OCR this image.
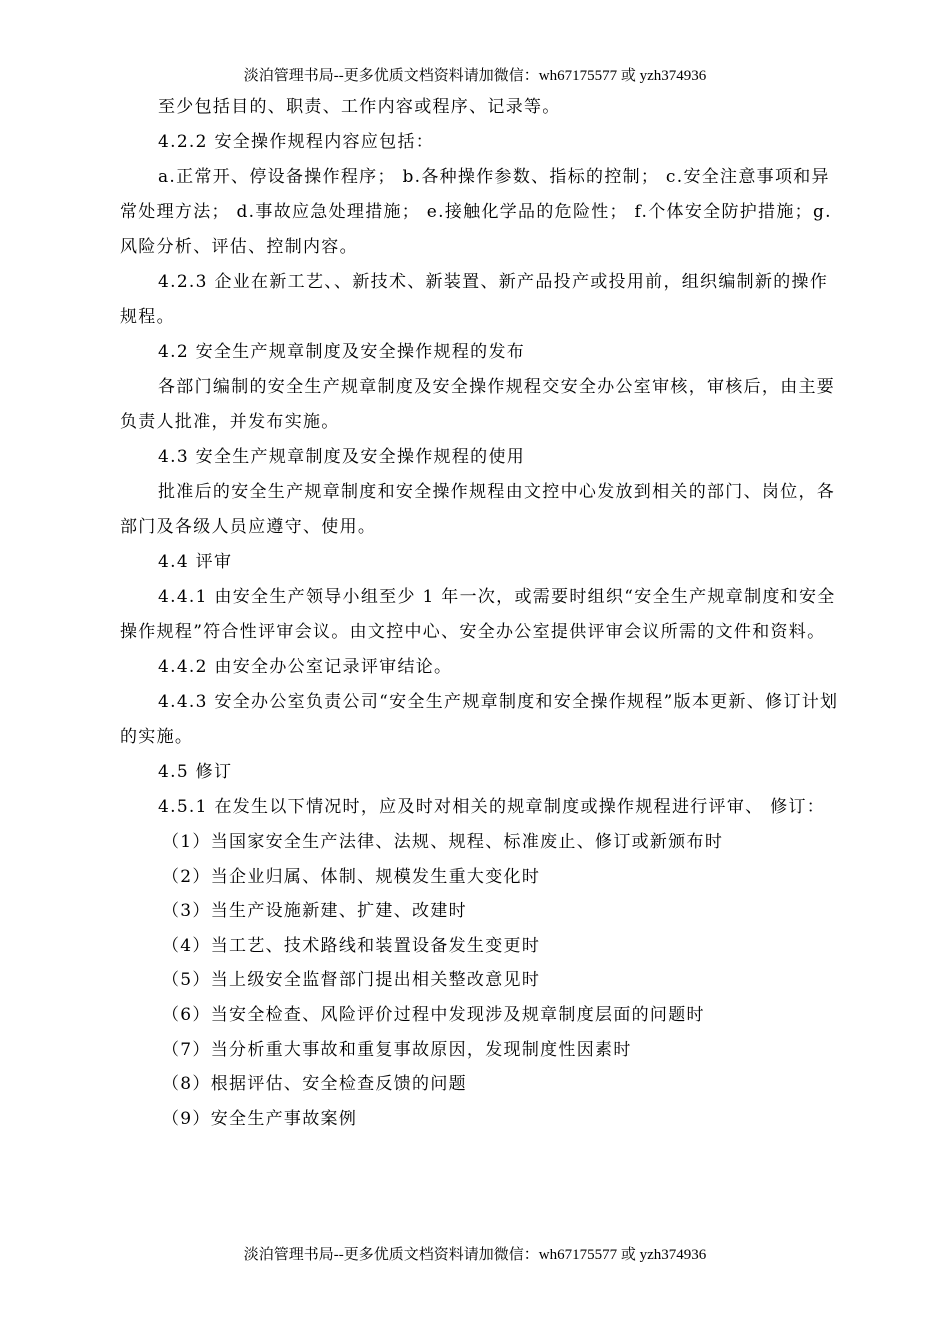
淡泊管理书局--更多优质文档资料请加微信：wh67175577 或 yzh374936

至少包括目的、职责、工作内容或程序、记录等。

4.2.2 安全操作规程内容应包括：

a.正常开、停设备操作程序； b.各种操作参数、指标的控制； c.安全注意事项和异常处理方法； d.事故应急处理措施； e.接触化学品的危险性； f.个体安全防护措施；g.风险分析、评估、控制内容。

4.2.3 企业在新工艺、、新技术、新装置、新产品投产或投用前，组织编制新的操作规程。

4.2 安全生产规章制度及安全操作规程的发布

各部门编制的安全生产规章制度及安全操作规程交安全办公室审核，审核后，由主要负责人批准，并发布实施。

4.3 安全生产规章制度及安全操作规程的使用

批准后的安全生产规章制度和安全操作规程由文控中心发放到相关的部门、岗位，各部门及各级人员应遵守、使用。

4.4 评审

4.4.1 由安全生产领导小组至少 1 年一次，或需要时组织“安全生产规章制度和安全操作规程”符合性评审会议。由文控中心、安全办公室提供评审会议所需的文件和资料。

4.4.2 由安全办公室记录评审结论。

4.4.3 安全办公室负责公司“安全生产规章制度和安全操作规程”版本更新、修订计划的实施。

4.5 修订

4.5.1 在发生以下情况时，应及时对相关的规章制度或操作规程进行评审、 修订：

（1）当国家安全生产法律、法规、规程、标准废止、修订或新颁布时

（2）当企业归属、体制、规模发生重大变化时

（3）当生产设施新建、扩建、改建时

（4）当工艺、技术路线和装置设备发生变更时

（5）当上级安全监督部门提出相关整改意见时

（6）当安全检查、风险评价过程中发现涉及规章制度层面的问题时

（7）当分析重大事故和重复事故原因，发现制度性因素时

（8）根据评估、安全检查反馈的问题

（9）安全生产事故案例

淡泊管理书局--更多优质文档资料请加微信：wh67175577 或 yzh374936
